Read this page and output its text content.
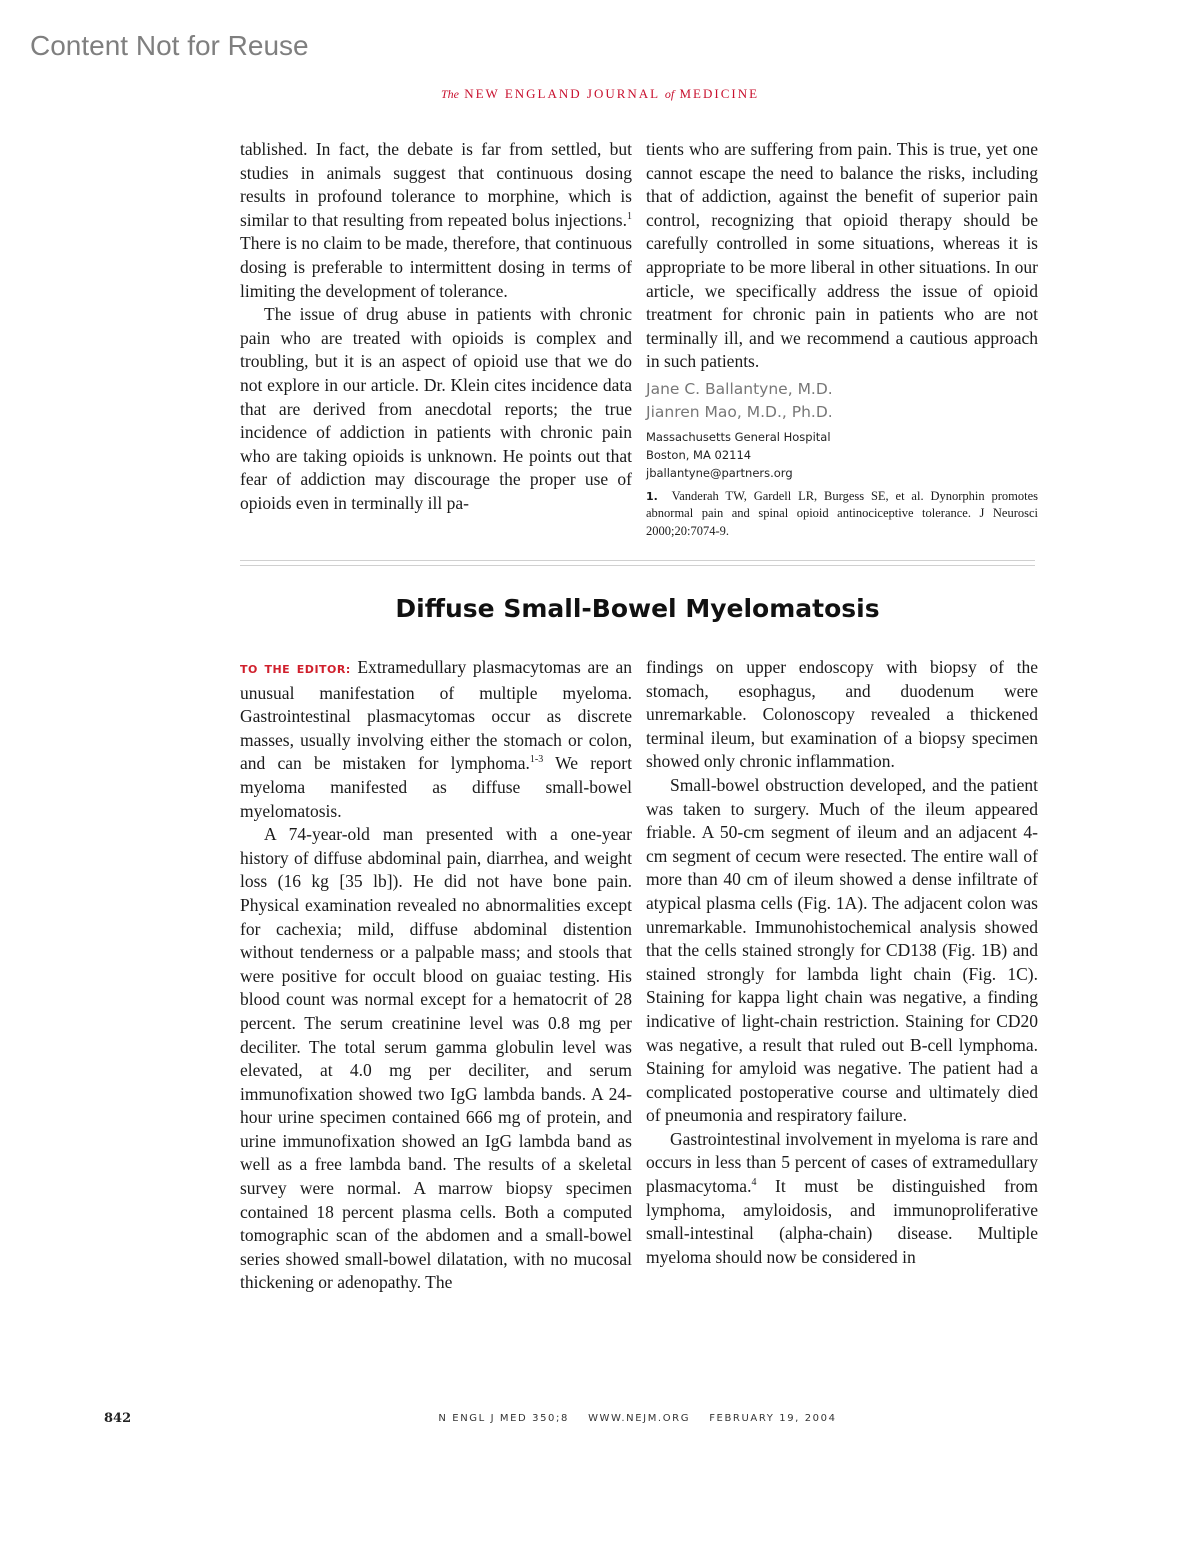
Content Not for Reuse
The NEW ENGLAND JOURNAL of MEDICINE

tablished. In fact, the debate is far from settled, but studies in animals suggest that continuous dosing results in profound tolerance to morphine, which is similar to that resulting from repeated bolus injections.$^1$ There is no claim to be made, therefore, that continuous dosing is preferable to intermittent dosing in terms of limiting the development of tolerance.

The issue of drug abuse in patients with chronic pain who are treated with opioids is complex and troubling, but it is an aspect of opioid use that we do not explore in our article. Dr. Klein cites incidence data that are derived from anecdotal reports; the true incidence of addiction in patients with chronic pain who are taking opioids is unknown. He points out that fear of addiction may discourage the proper use of opioids even in terminally ill pa-

tients who are suffering from pain. This is true, yet one cannot escape the need to balance the risks, including that of addiction, against the benefit of superior pain control, recognizing that opioid therapy should be carefully controlled in some situations, whereas it is appropriate to be more liberal in other situations. In our article, we specifically address the issue of opioid treatment for chronic pain in patients who are not terminally ill, and we recommend a cautious approach in such patients.

Jane C. Ballantyne, M.D.
Jianren Mao, M.D., Ph.D.
Massachusetts General Hospital
Boston, MA 02114
jballantyne@partners.org
1. Vanderah TW, Gardell LR, Burgess SE, et al. Dynorphin promotes abnormal pain and spinal opioid antinociceptive tolerance. J Neurosci 2000;20:7074-9.
Diffuse Small-Bowel Myelomatosis

TO THE EDITOR: Extramedullary plasmacytomas are an unusual manifestation of multiple myeloma. Gastrointestinal plasmacytomas occur as discrete masses, usually involving either the stomach or colon, and can be mistaken for lymphoma.$^{1-3}$ We report myeloma manifested as diffuse small-bowel myelomatosis.

A 74-year-old man presented with a one-year history of diffuse abdominal pain, diarrhea, and weight loss (16 kg [35 lb]). He did not have bone pain. Physical examination revealed no abnormalities except for cachexia; mild, diffuse abdominal distention without tenderness or a palpable mass; and stools that were positive for occult blood on guaiac testing. His blood count was normal except for a hematocrit of 28 percent. The serum creatinine level was 0.8 mg per deciliter. The total serum gamma globulin level was elevated, at 4.0 mg per deciliter, and serum immunofixation showed two IgG lambda bands. A 24-hour urine specimen contained 666 mg of protein, and urine immunofixation showed an IgG lambda band as well as a free lambda band. The results of a skeletal survey were normal. A marrow biopsy specimen contained 18 percent plasma cells. Both a computed tomographic scan of the abdomen and a small-bowel series showed small-bowel dilatation, with no mucosal thickening or adenopathy. The

findings on upper endoscopy with biopsy of the stomach, esophagus, and duodenum were unremarkable. Colonoscopy revealed a thickened terminal ileum, but examination of a biopsy specimen showed only chronic inflammation.

Small-bowel obstruction developed, and the patient was taken to surgery. Much of the ileum appeared friable. A 50-cm segment of ileum and an adjacent 4-cm segment of cecum were resected. The entire wall of more than 40 cm of ileum showed a dense infiltrate of atypical plasma cells (Fig. 1A). The adjacent colon was unremarkable. Immunohistochemical analysis showed that the cells stained strongly for CD138 (Fig. 1B) and stained strongly for lambda light chain (Fig. 1C). Staining for kappa light chain was negative, a finding indicative of light-chain restriction. Staining for CD20 was negative, a result that ruled out B-cell lymphoma. Staining for amyloid was negative. The patient had a complicated postoperative course and ultimately died of pneumonia and respiratory failure.

Gastrointestinal involvement in myeloma is rare and occurs in less than 5 percent of cases of extramedullary plasmacytoma.$^4$ It must be distinguished from lymphoma, amyloidosis, and immunoproliferative small-intestinal (alpha-chain) disease. Multiple myeloma should now be considered in

842	N ENGL J MED 350;8    WWW.NEJM.ORG    FEBRUARY 19, 2004
